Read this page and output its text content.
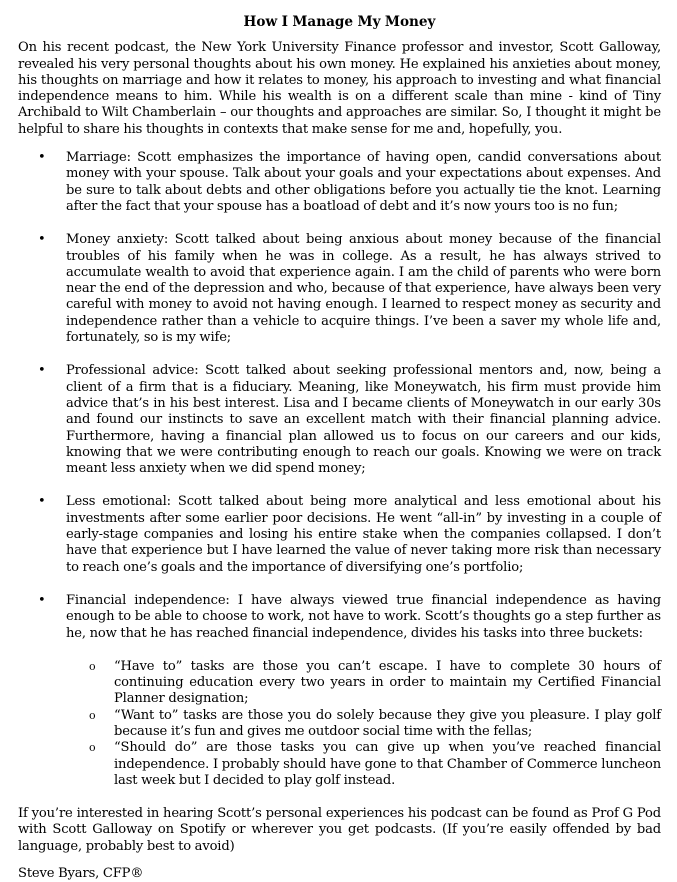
How I Manage My Money

On his recent podcast, the New York University Finance professor and investor, Scott Galloway, revealed his very personal thoughts about his own money. He explained his anxieties about money, his thoughts on marriage and how it relates to money, his approach to investing and what financial independence means to him. While his wealth is on a different scale than mine - kind of Tiny Archibald to Wilt Chamberlain – our thoughts and approaches are similar. So, I thought it might be helpful to share his thoughts in contexts that make sense for me and, hopefully, you.

• Marriage: Scott emphasizes the importance of having open, candid conversations about money with your spouse. Talk about your goals and your expectations about expenses. And be sure to talk about debts and other obligations before you actually tie the knot. Learning after the fact that your spouse has a boatload of debt and it’s now yours too is no fun;
• Money anxiety: Scott talked about being anxious about money because of the financial troubles of his family when he was in college. As a result, he has always strived to accumulate wealth to avoid that experience again. I am the child of parents who were born near the end of the depression and who, because of that experience, have always been very careful with money to avoid not having enough. I learned to respect money as security and independence rather than a vehicle to acquire things. I’ve been a saver my whole life and, fortunately, so is my wife;
• Professional advice: Scott talked about seeking professional mentors and, now, being a client of a firm that is a fiduciary. Meaning, like Moneywatch, his firm must provide him advice that’s in his best interest. Lisa and I became clients of Moneywatch in our early 30s and found our instincts to save an excellent match with their financial planning advice. Furthermore, having a financial plan allowed us to focus on our careers and our kids, knowing that we were contributing enough to reach our goals. Knowing we were on track meant less anxiety when we did spend money;
• Less emotional: Scott talked about being more analytical and less emotional about his investments after some earlier poor decisions. He went “all-in” by investing in a couple of early-stage companies and losing his entire stake when the companies collapsed. I don’t have that experience but I have learned the value of never taking more risk than necessary to reach one’s goals and the importance of diversifying one’s portfolio;
• Financial independence: I have always viewed true financial independence as having enough to be able to choose to work, not have to work. Scott’s thoughts go a step further as he, now that he has reached financial independence, divides his tasks into three buckets:
o “Have to” tasks are those you can’t escape. I have to complete 30 hours of continuing education every two years in order to maintain my Certified Financial Planner designation;
o “Want to” tasks are those you do solely because they give you pleasure. I play golf because it’s fun and gives me outdoor social time with the fellas;
o “Should do” are those tasks you can give up when you’ve reached financial independence. I probably should have gone to that Chamber of Commerce luncheon last week but I decided to play golf instead.

If you’re interested in hearing Scott’s personal experiences his podcast can be found as Prof G Pod with Scott Galloway on Spotify or wherever you get podcasts. (If you’re easily offended by bad language, probably best to avoid)

Steve Byars, CFP®
